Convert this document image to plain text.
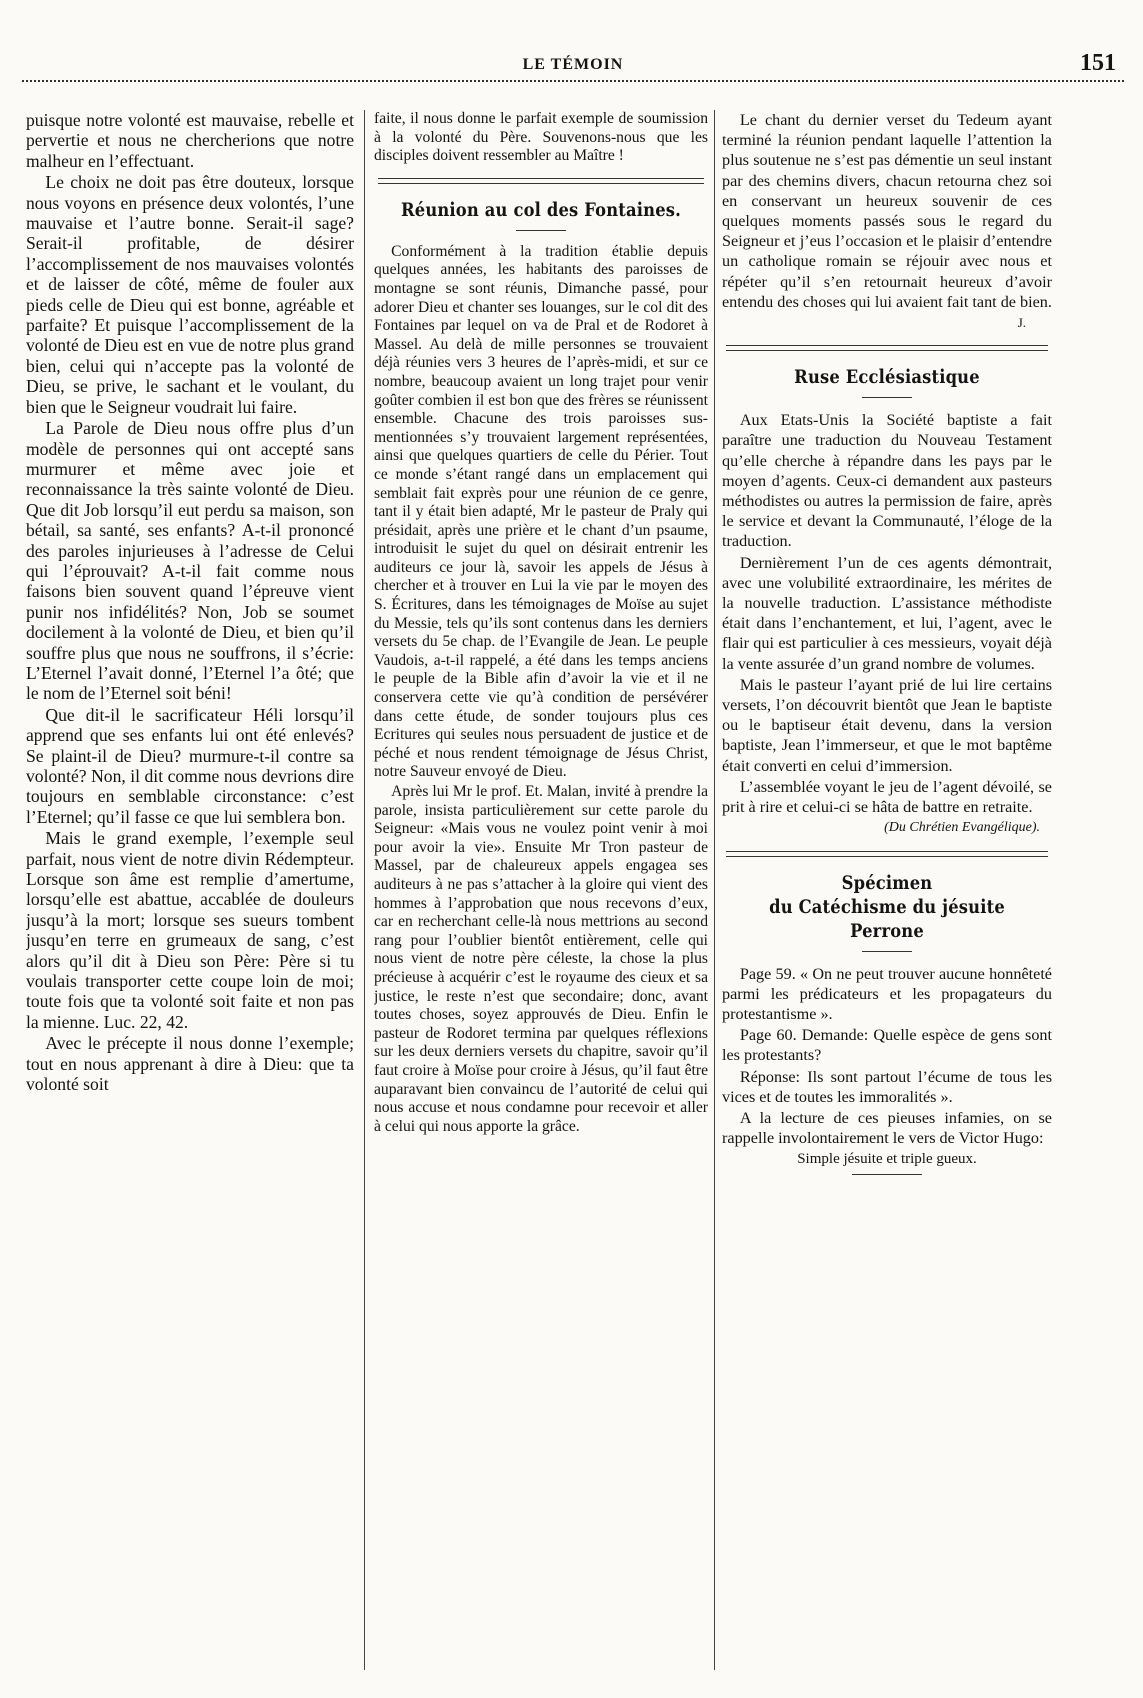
LE TÉMOIN	151

puisque notre volonté est mauvaise, rebelle et pervertie et nous ne chercherions que notre malheur en l’effectuant.

Le choix ne doit pas être douteux, lorsque nous voyons en présence deux volontés, l’une mauvaise et l’autre bonne. Serait-il sage? Serait-il profitable, de désirer l’accomplissement de nos mauvaises volontés et de laisser de côté, même de fouler aux pieds celle de Dieu qui est bonne, agréable et parfaite? Et puisque l’accomplissement de la volonté de Dieu est en vue de notre plus grand bien, celui qui n’accepte pas la volonté de Dieu, se prive, le sachant et le voulant, du bien que le Seigneur voudrait lui faire.

La Parole de Dieu nous offre plus d’un modèle de personnes qui ont accepté sans murmurer et même avec joie et reconnaissance la très sainte volonté de Dieu. Que dit Job lorsqu’il eut perdu sa maison, son bétail, sa santé, ses enfants? A-t-il prononcé des paroles injurieuses à l’adresse de Celui qui l’éprouvait? A-t-il fait comme nous faisons bien souvent quand l’épreuve vient punir nos infidélités? Non, Job se soumet docilement à la volonté de Dieu, et bien qu’il souffre plus que nous ne souffrons, il s’écrie: L’Eternel l’avait donné, l’Eternel l’a ôté; que le nom de l’Eternel soit béni!

Que dit-il le sacrificateur Héli lorsqu’il apprend que ses enfants lui ont été enlevés? Se plaint-il de Dieu? murmure-t-il contre sa volonté? Non, il dit comme nous devrions dire toujours en semblable circonstance: c’est l’Eternel; qu’il fasse ce que lui semblera bon.

Mais le grand exemple, l’exemple seul parfait, nous vient de notre divin Rédempteur. Lorsque son âme est remplie d’amertume, lorsqu’elle est abattue, accablée de douleurs jusqu’à la mort; lorsque ses sueurs tombent jusqu’en terre en grumeaux de sang, c’est alors qu’il dit à Dieu son Père: Père si tu voulais transporter cette coupe loin de moi; toute fois que ta volonté soit faite et non pas la mienne. Luc. 22, 42.

Avec le précepte il nous donne l’exemple; tout en nous apprenant à dire à Dieu: que ta volonté soit

faite, il nous donne le parfait exemple de soumission à la volonté du Père. Souvenons-nous que les disciples doivent ressembler au Maître !

Réunion au col des Fontaines.

Conformément à la tradition établie depuis quelques années, les habitants des paroisses de montagne se sont réunis, Dimanche passé, pour adorer Dieu et chanter ses louanges, sur le col dit des Fontaines par lequel on va de Pral et de Rodoret à Massel. Au delà de mille personnes se trouvaient déjà réunies vers 3 heures de l’après-midi, et sur ce nombre, beaucoup avaient un long trajet pour venir goûter combien il est bon que des frères se réunissent ensemble. Chacune des trois paroisses sus-mentionnées s’y trouvaient largement représentées, ainsi que quelques quartiers de celle du Périer. Tout ce monde s’étant rangé dans un emplacement qui semblait fait exprès pour une réunion de ce genre, tant il y était bien adapté, Mr le pasteur de Praly qui présidait, après une prière et le chant d’un psaume, introduisit le sujet du quel on désirait entrenir les auditeurs ce jour là, savoir les appels de Jésus à chercher et à trouver en Lui la vie par le moyen des S. Écritures, dans les témoignages de Moïse au sujet du Messie, tels qu’ils sont contenus dans les derniers versets du 5e chap. de l’Evangile de Jean. Le peuple Vaudois, a-t-il rappelé, a été dans les temps anciens le peuple de la Bible afin d’avoir la vie et il ne conservera cette vie qu’à condition de persévérer dans cette étude, de sonder toujours plus ces Ecritures qui seules nous persuadent de justice et de péché et nous rendent témoignage de Jésus Christ, notre Sauveur envoyé de Dieu.

Après lui Mr le prof. Et. Malan, invité à prendre la parole, insista particulièrement sur cette parole du Seigneur: «Mais vous ne voulez point venir à moi pour avoir la vie». Ensuite Mr Tron pasteur de Massel, par de chaleureux appels engagea ses auditeurs à ne pas s’attacher à la gloire qui vient des hommes à l’approbation que nous recevons d’eux, car en recherchant celle-là nous mettrions au second rang pour l’oublier bientôt entièrement, celle qui nous vient de notre père céleste, la chose la plus précieuse à acquérir c’est le royaume des cieux et sa justice, le reste n’est que secondaire; donc, avant toutes choses, soyez approuvés de Dieu. Enfin le pasteur de Rodoret termina par quelques réflexions sur les deux derniers versets du chapitre, savoir qu’il faut croire à Moïse pour croire à Jésus, qu’il faut être auparavant bien convaincu de l’autorité de celui qui nous accuse et nous condamne pour recevoir et aller à celui qui nous apporte la grâce.

Le chant du dernier verset du Tedeum ayant terminé la réunion pendant laquelle l’attention la plus soutenue ne s’est pas démentie un seul instant par des chemins divers, chacun retourna chez soi en conservant un heureux souvenir de ces quelques moments passés sous le regard du Seigneur et j’eus l’occasion et le plaisir d’entendre un catholique romain se réjouir avec nous et répéter qu’il s’en retournait heureux d’avoir entendu des choses qui lui avaient fait tant de bien.

J.

Ruse Ecclésiastique

Aux Etats-Unis la Société baptiste a fait paraître une traduction du Nouveau Testament qu’elle cherche à répandre dans les pays par le moyen d’agents. Ceux-ci demandent aux pasteurs méthodistes ou autres la permission de faire, après le service et devant la Communauté, l’éloge de la traduction.

Dernièrement l’un de ces agents démontrait, avec une volubilité extraordinaire, les mérites de la nouvelle traduction. L’assistance méthodiste était dans l’enchantement, et lui, l’agent, avec le flair qui est particulier à ces messieurs, voyait déjà la vente assurée d’un grand nombre de volumes.

Mais le pasteur l’ayant prié de lui lire certains versets, l’on découvrit bientôt que Jean le baptiste ou le baptiseur était devenu, dans la version baptiste, Jean l’immerseur, et que le mot baptême était converti en celui d’immersion.

L’assemblée voyant le jeu de l’agent dévoilé, se prit à rire et celui-ci se hâta de battre en retraite.

(Du Chrétien Evangélique).

Spécimen
du Catéchisme du jésuite Perrone

Page 59. « On ne peut trouver aucune honnêteté parmi les prédicateurs et les propagateurs du protestantisme ».

Page 60. Demande: Quelle espèce de gens sont les protestants?

Réponse: Ils sont partout l’écume de tous les vices et de toutes les immoralités ».

A la lecture de ces pieuses infamies, on se rappelle involontairement le vers de Victor Hugo:

Simple jésuite et triple gueux.
